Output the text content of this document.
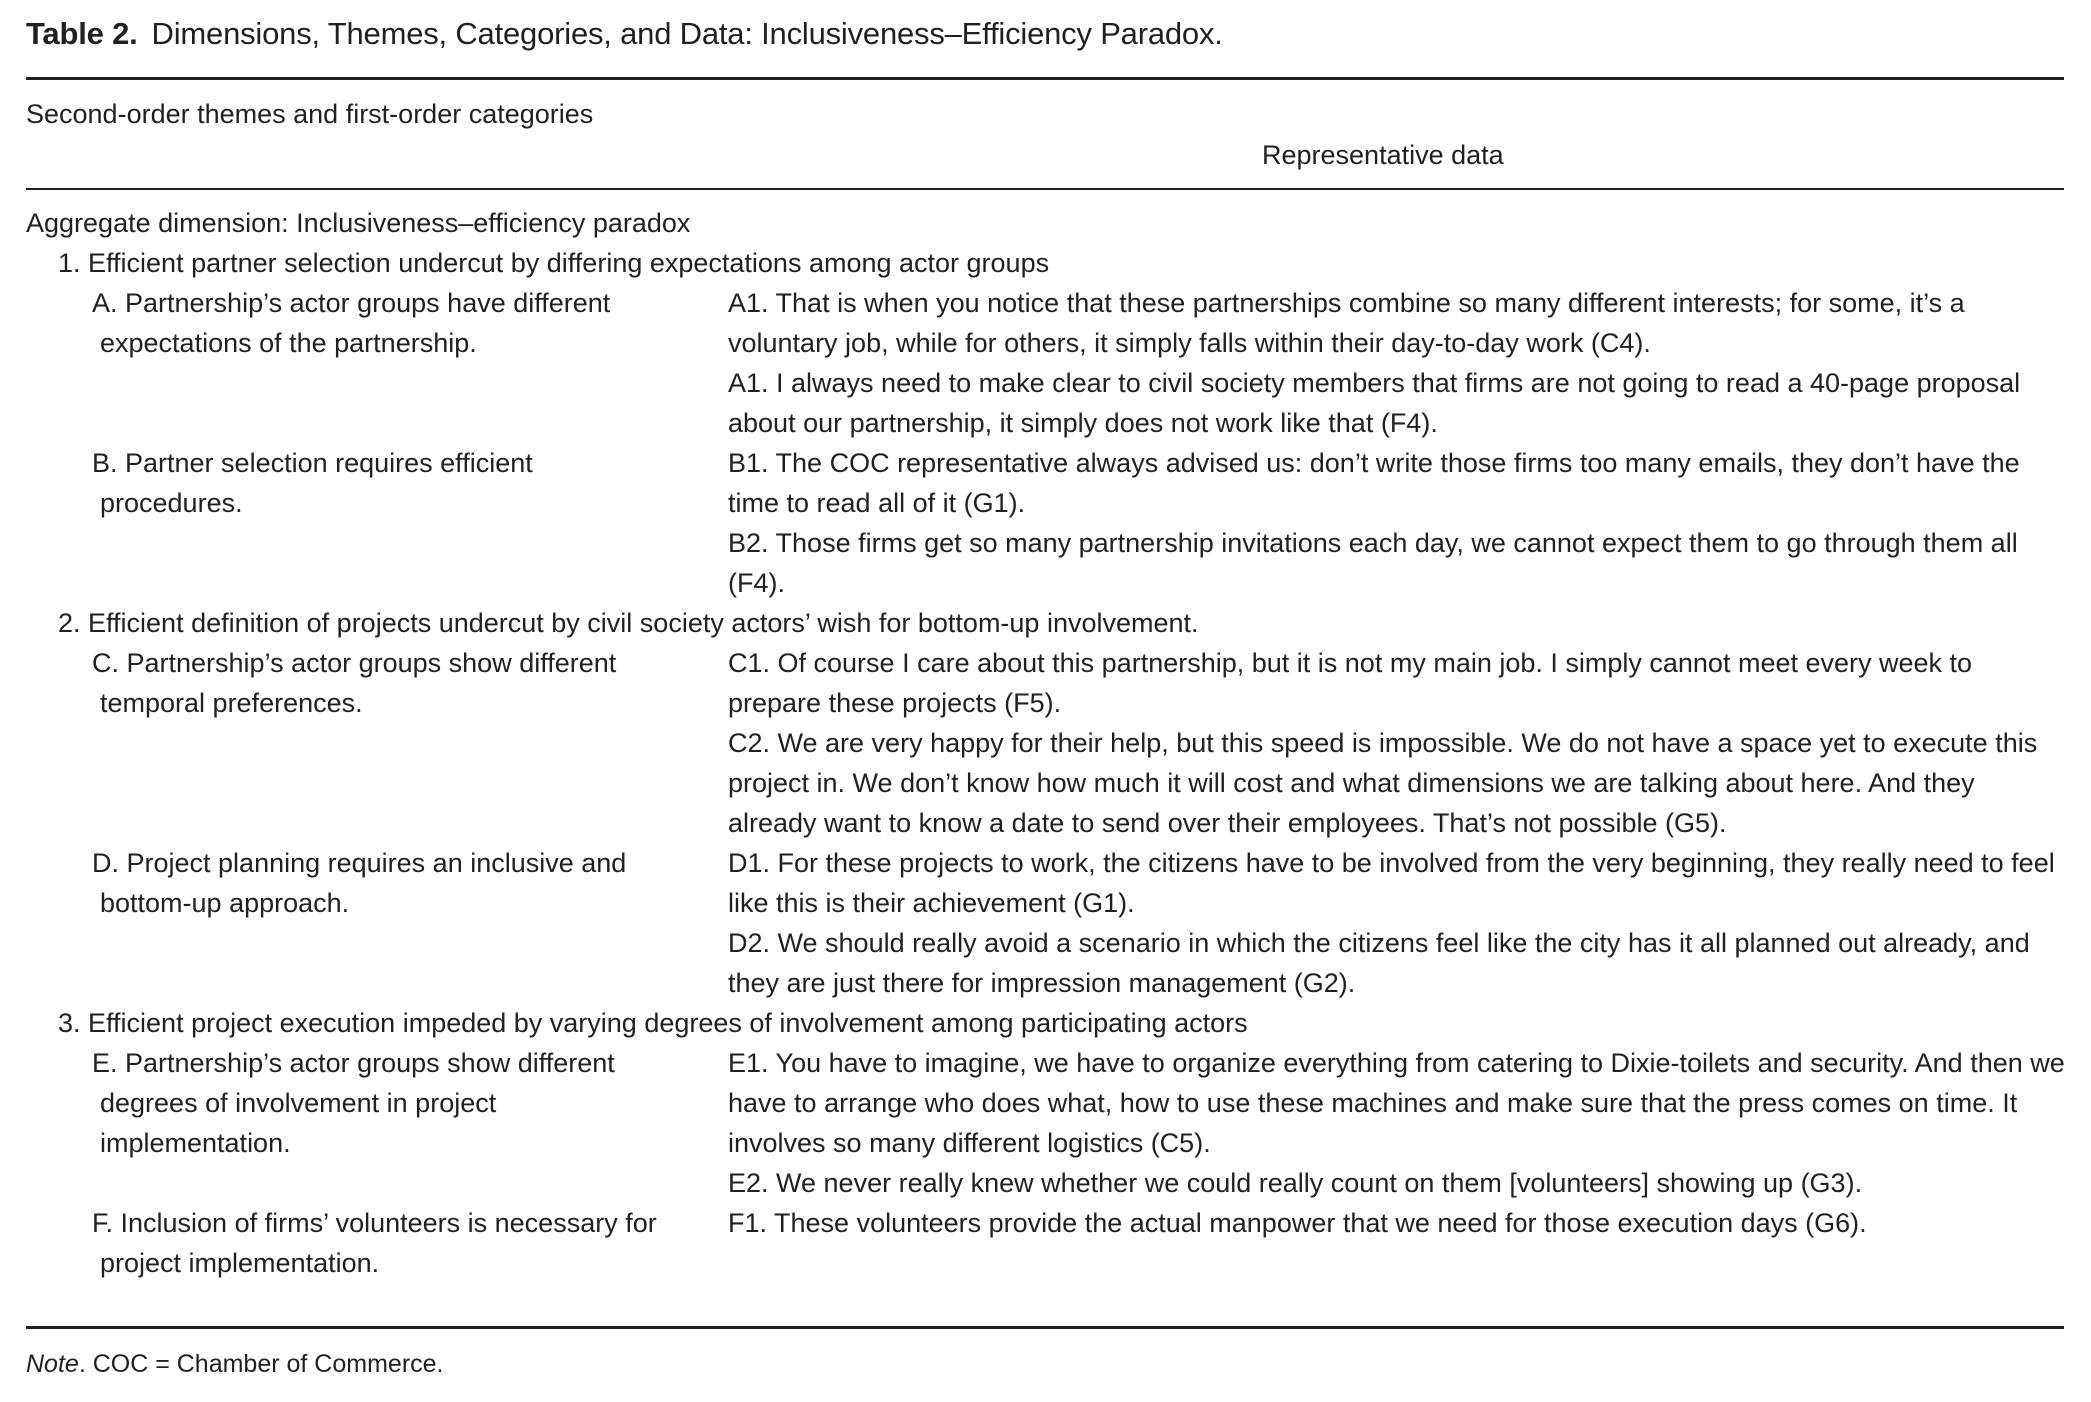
Table 2. Dimensions, Themes, Categories, and Data: Inclusiveness–Efficiency Paradox.
Second-order themes and first-order categories
Representative data
Aggregate dimension: Inclusiveness–efficiency paradox
1. Efficient partner selection undercut by differing expectations among actor groups
A. Partnership’s actor groups have different expectations of the partnership.
A1. That is when you notice that these partnerships combine so many different interests; for some, it’s a voluntary job, while for others, it simply falls within their day-to-day work (C4).
A1. I always need to make clear to civil society members that firms are not going to read a 40-page proposal about our partnership, it simply does not work like that (F4).
B. Partner selection requires efficient procedures.
B1. The COC representative always advised us: don’t write those firms too many emails, they don’t have the time to read all of it (G1).
B2. Those firms get so many partnership invitations each day, we cannot expect them to go through them all (F4).
2. Efficient definition of projects undercut by civil society actors’ wish for bottom-up involvement.
C. Partnership’s actor groups show different temporal preferences.
C1. Of course I care about this partnership, but it is not my main job. I simply cannot meet every week to prepare these projects (F5).
C2. We are very happy for their help, but this speed is impossible. We do not have a space yet to execute this project in. We don’t know how much it will cost and what dimensions we are talking about here. And they already want to know a date to send over their employees. That’s not possible (G5).
D. Project planning requires an inclusive and bottom-up approach.
D1. For these projects to work, the citizens have to be involved from the very beginning, they really need to feel like this is their achievement (G1).
D2. We should really avoid a scenario in which the citizens feel like the city has it all planned out already, and they are just there for impression management (G2).
3. Efficient project execution impeded by varying degrees of involvement among participating actors
E. Partnership’s actor groups show different degrees of involvement in project implementation.
E1. You have to imagine, we have to organize everything from catering to Dixie-toilets and security. And then we have to arrange who does what, how to use these machines and make sure that the press comes on time. It involves so many different logistics (C5).
E2. We never really knew whether we could really count on them [volunteers] showing up (G3).
F. Inclusion of firms’ volunteers is necessary for project implementation.
F1. These volunteers provide the actual manpower that we need for those execution days (G6).
Note. COC = Chamber of Commerce.
